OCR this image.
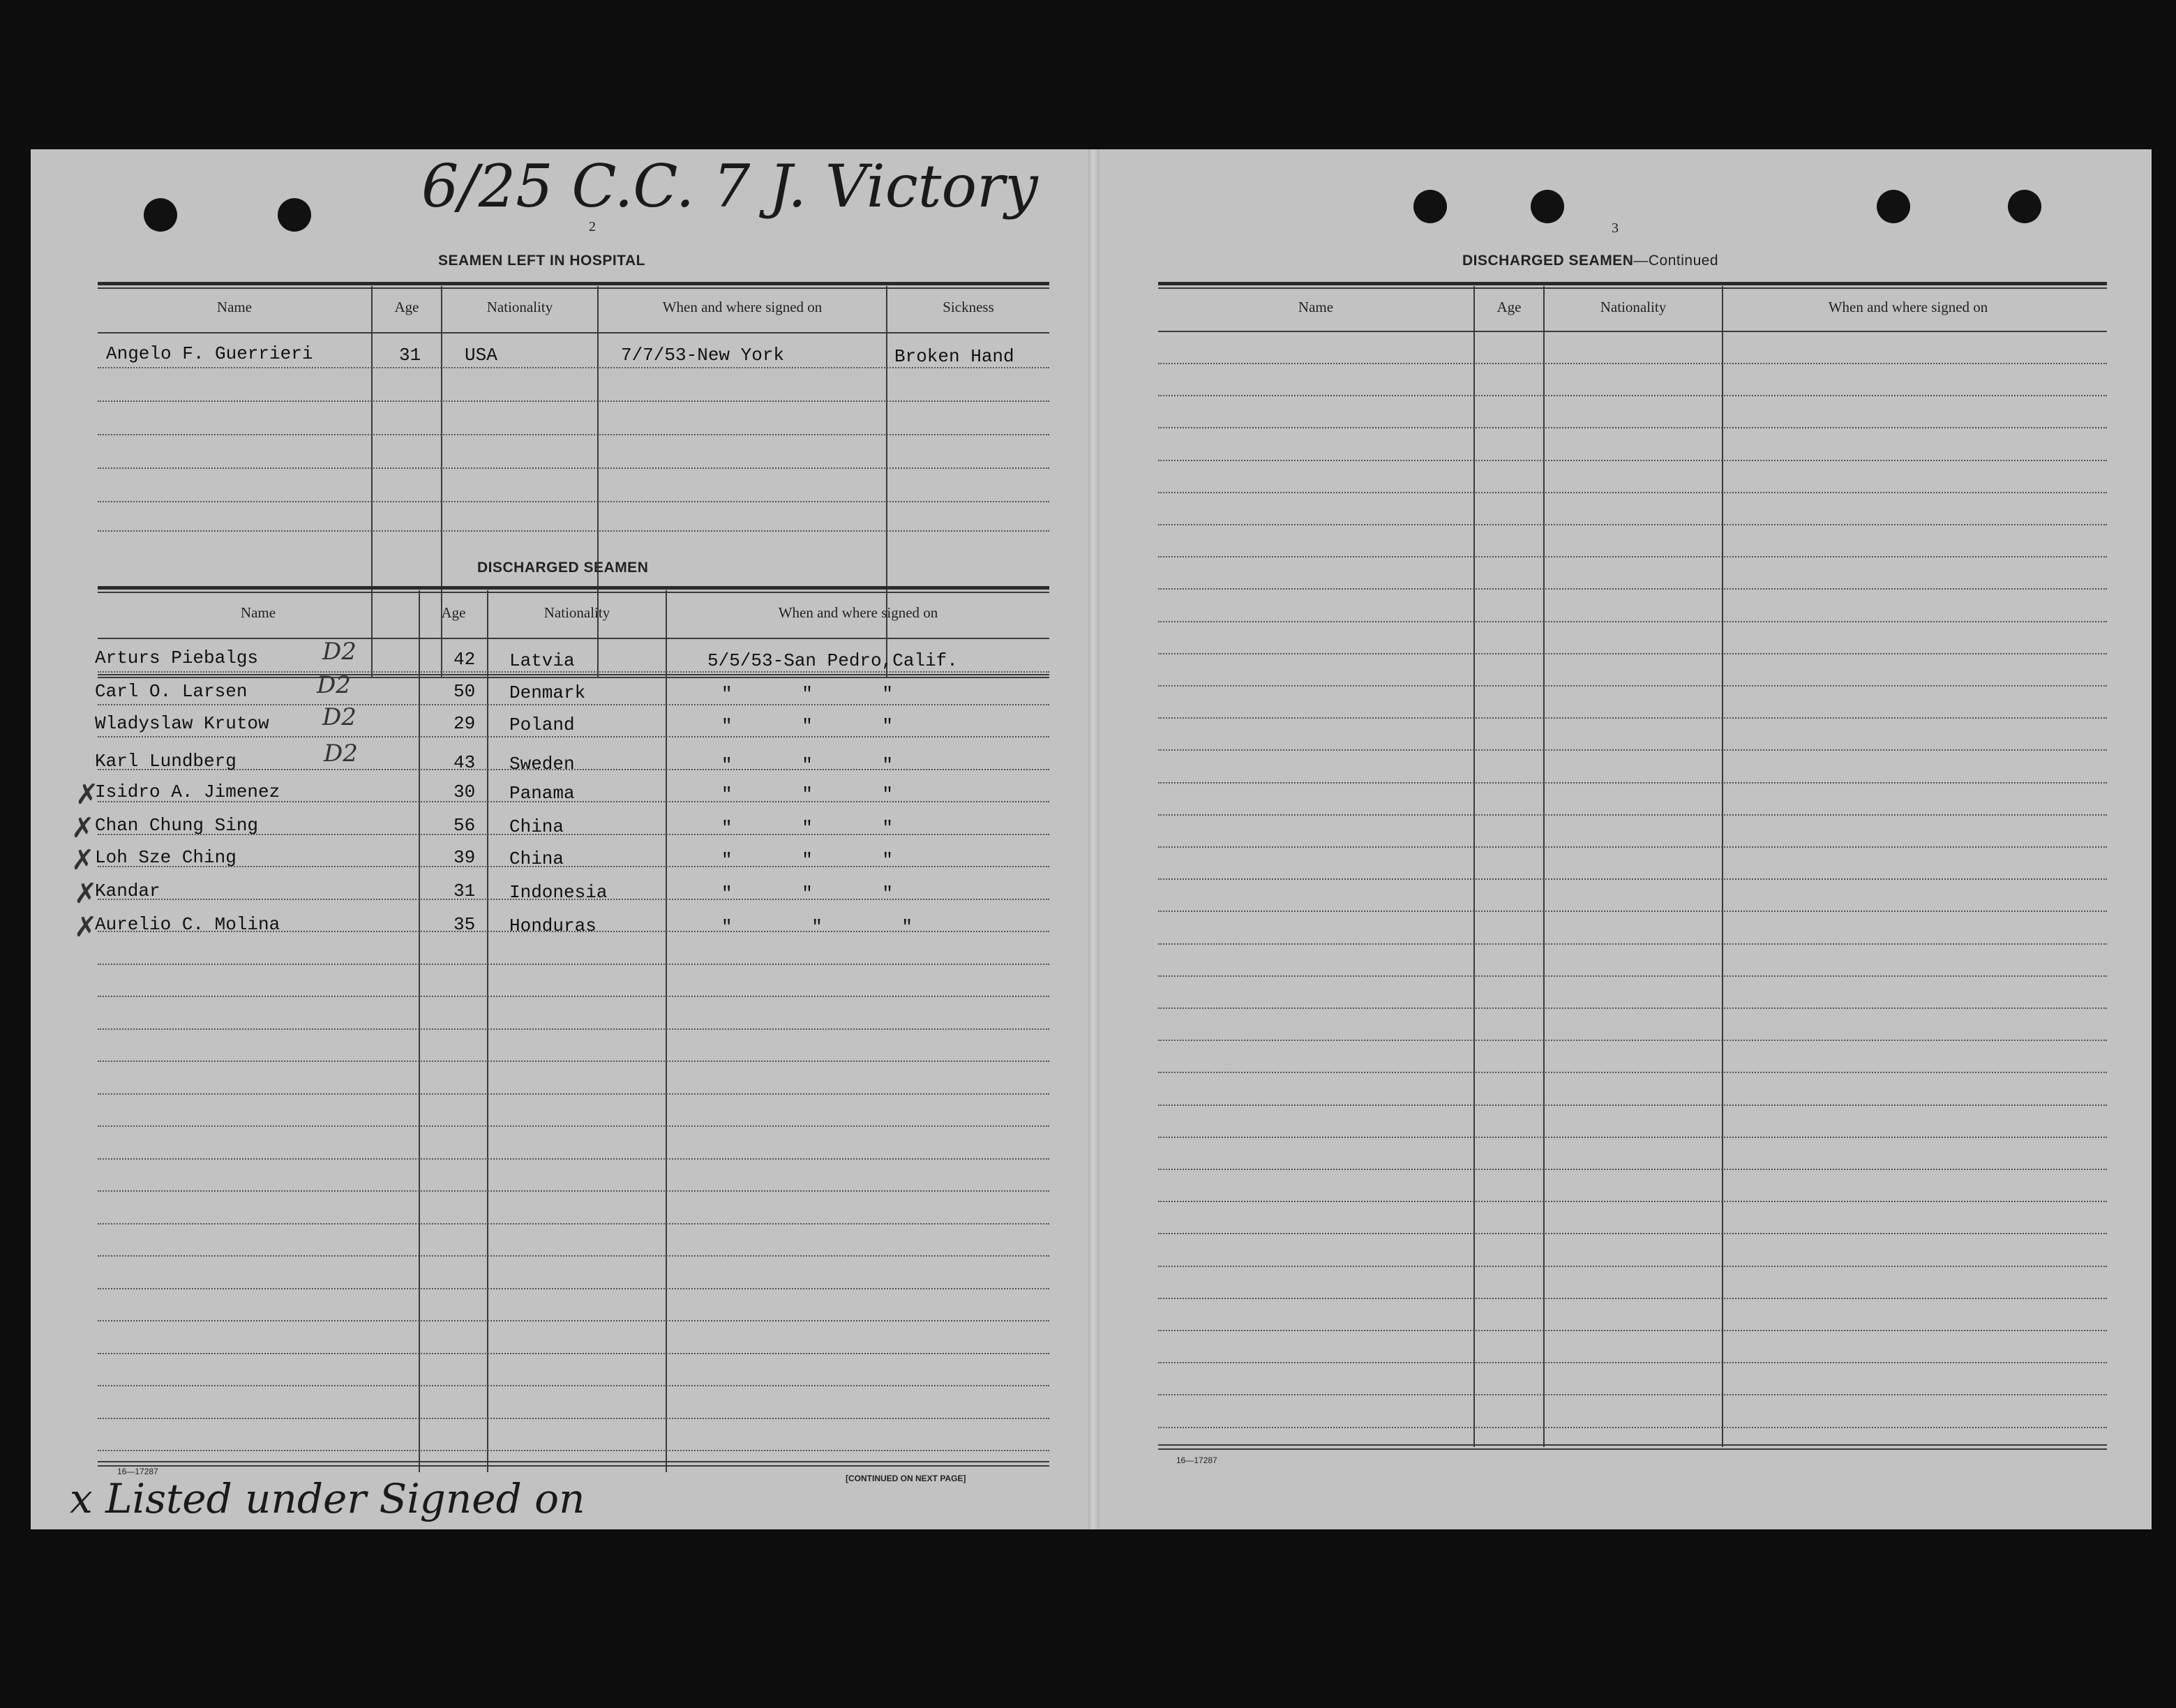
6/25 C.C. 7 J. Victory
2
SEAMEN LEFT IN HOSPITAL
Name	Age	Nationality	When and where signed on	Sickness
Angelo F. Guerrieri	31 USA	7/7/53-New York	Broken Hand
DISCHARGED SEAMEN
Name	Age	Nationality	When and where signed on
Arturs Piebalgs	D2	42 Latvia	5/5/53-San Pedro,Calif.
Carl O. Larsen	D2	50 Denmark	" " "
Wladyslaw Krutow D2	29 Poland	" " "
Karl Lundberg	D2	43 Sweden	" " "
Isidro A. Jimenez	30 Panama	" " "
Chan Chung Sing	56 China	" " "
Loh Sze Ching	39 China	" " "
Kandar	31 Indonesia	" " "
Aurelio C. Molina	35 Honduras	" " "
✗
✗
✗
✗
✗
16—17287
[CONTINUED ON NEXT PAGE]
x Listed under Signed on
3
DISCHARGED SEAMEN—Continued
Name	Age	Nationality	When and where signed on
16—17287
